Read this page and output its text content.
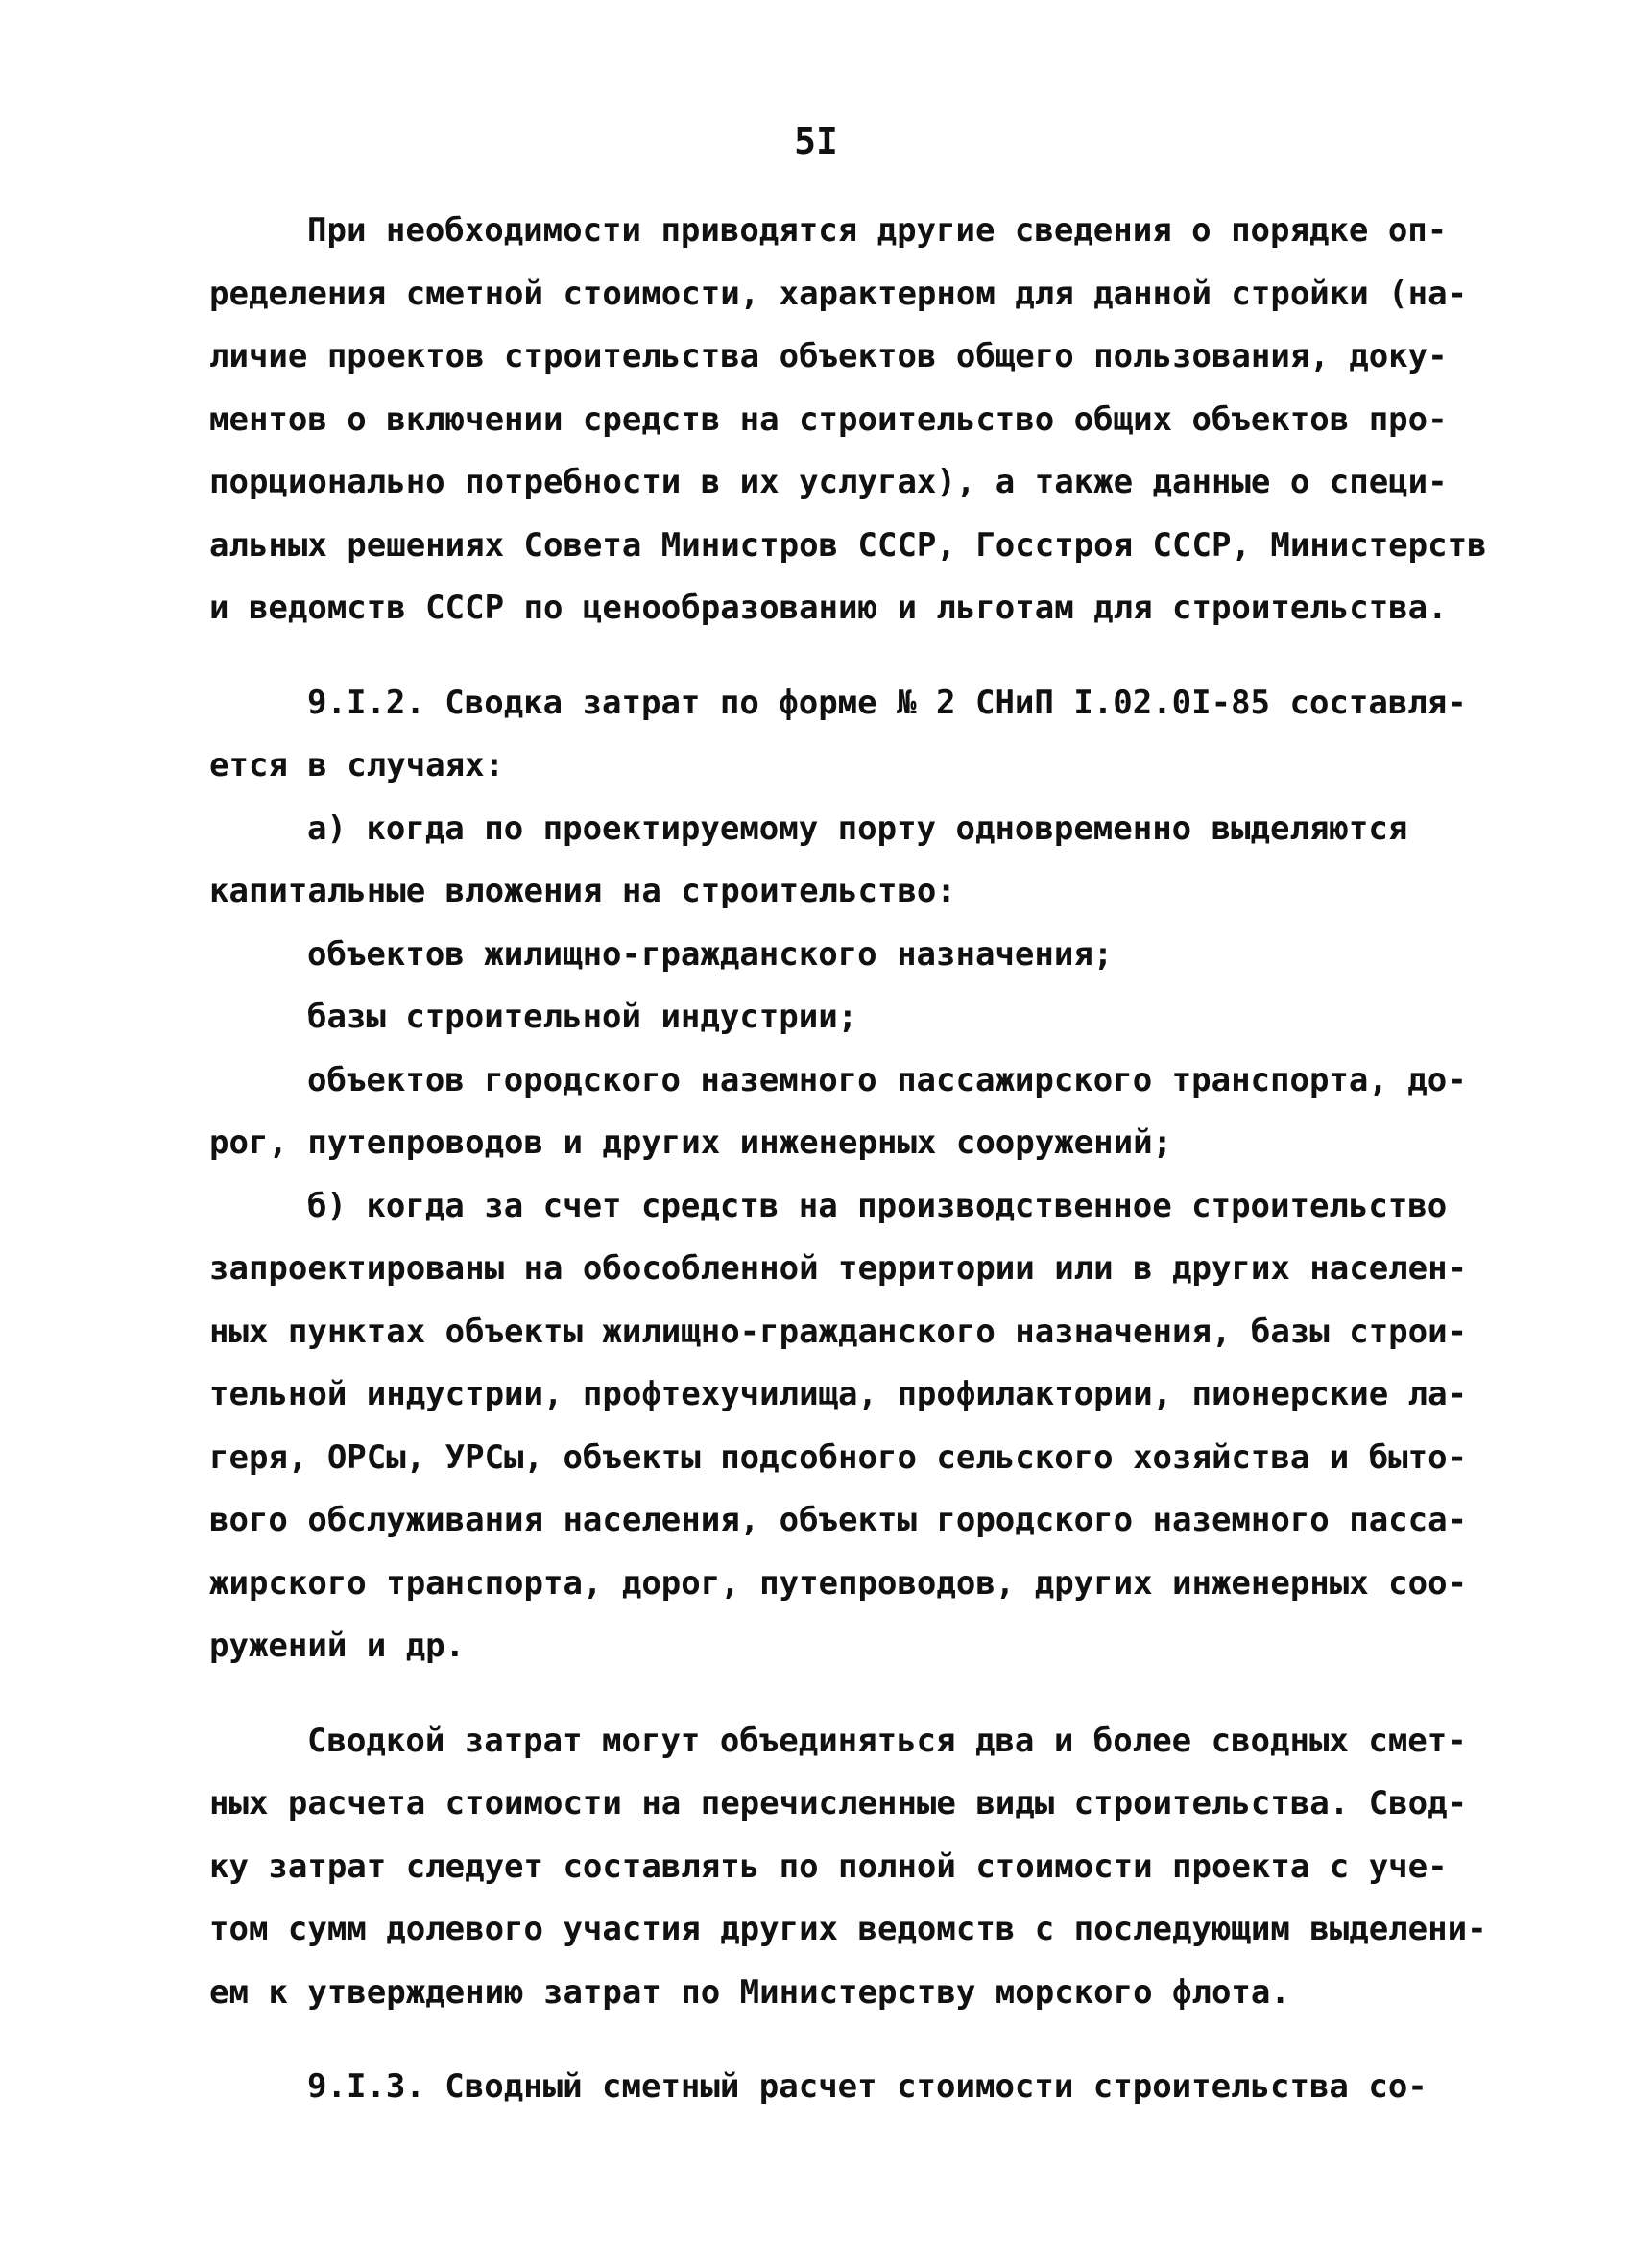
5I
При необходимости приводятся другие сведения о порядке оп-
ределения сметной стоимости, характерном для данной стройки (на-
личие проектов строительства объектов общего пользования, доку-
ментов о включении средств на строительство общих объектов про-
порционально потребности в их услугах), а также данные о специ-
альных решениях Совета Министров СССР, Госстроя СССР, Министерств
и ведомств СССР по ценообразованию и льготам для строительства.
9.I.2. Сводка затрат по форме № 2 СНиП I.02.0I-85 составля-
ется в случаях:
а) когда по проектируемому порту одновременно выделяются
капитальные вложения на строительство:
объектов жилищно-гражданского назначения;
базы строительной индустрии;
объектов городского наземного пассажирского транспорта, до-
рог, путепроводов и других инженерных сооружений;
б) когда за счет средств на производственное строительство
запроектированы на обособленной территории или в других населен-
ных пунктах объекты жилищно-гражданского назначения, базы строи-
тельной индустрии, профтехучилища, профилактории, пионерские ла-
геря, ОРСы, УРСы, объекты подсобного сельского хозяйства и быто-
вого обслуживания населения, объекты городского наземного пасса-
жирского транспорта, дорог, путепроводов, других инженерных соо-
ружений и др.
Сводкой затрат могут объединяться два и более сводных смет-
ных расчета стоимости на перечисленные виды строительства. Свод-
ку затрат следует составлять по полной стоимости проекта с уче-
том сумм долевого участия других ведомств с последующим выделени-
ем к утверждению затрат по Министерству морского флота.
9.I.3. Сводный сметный расчет стоимости строительства со-
